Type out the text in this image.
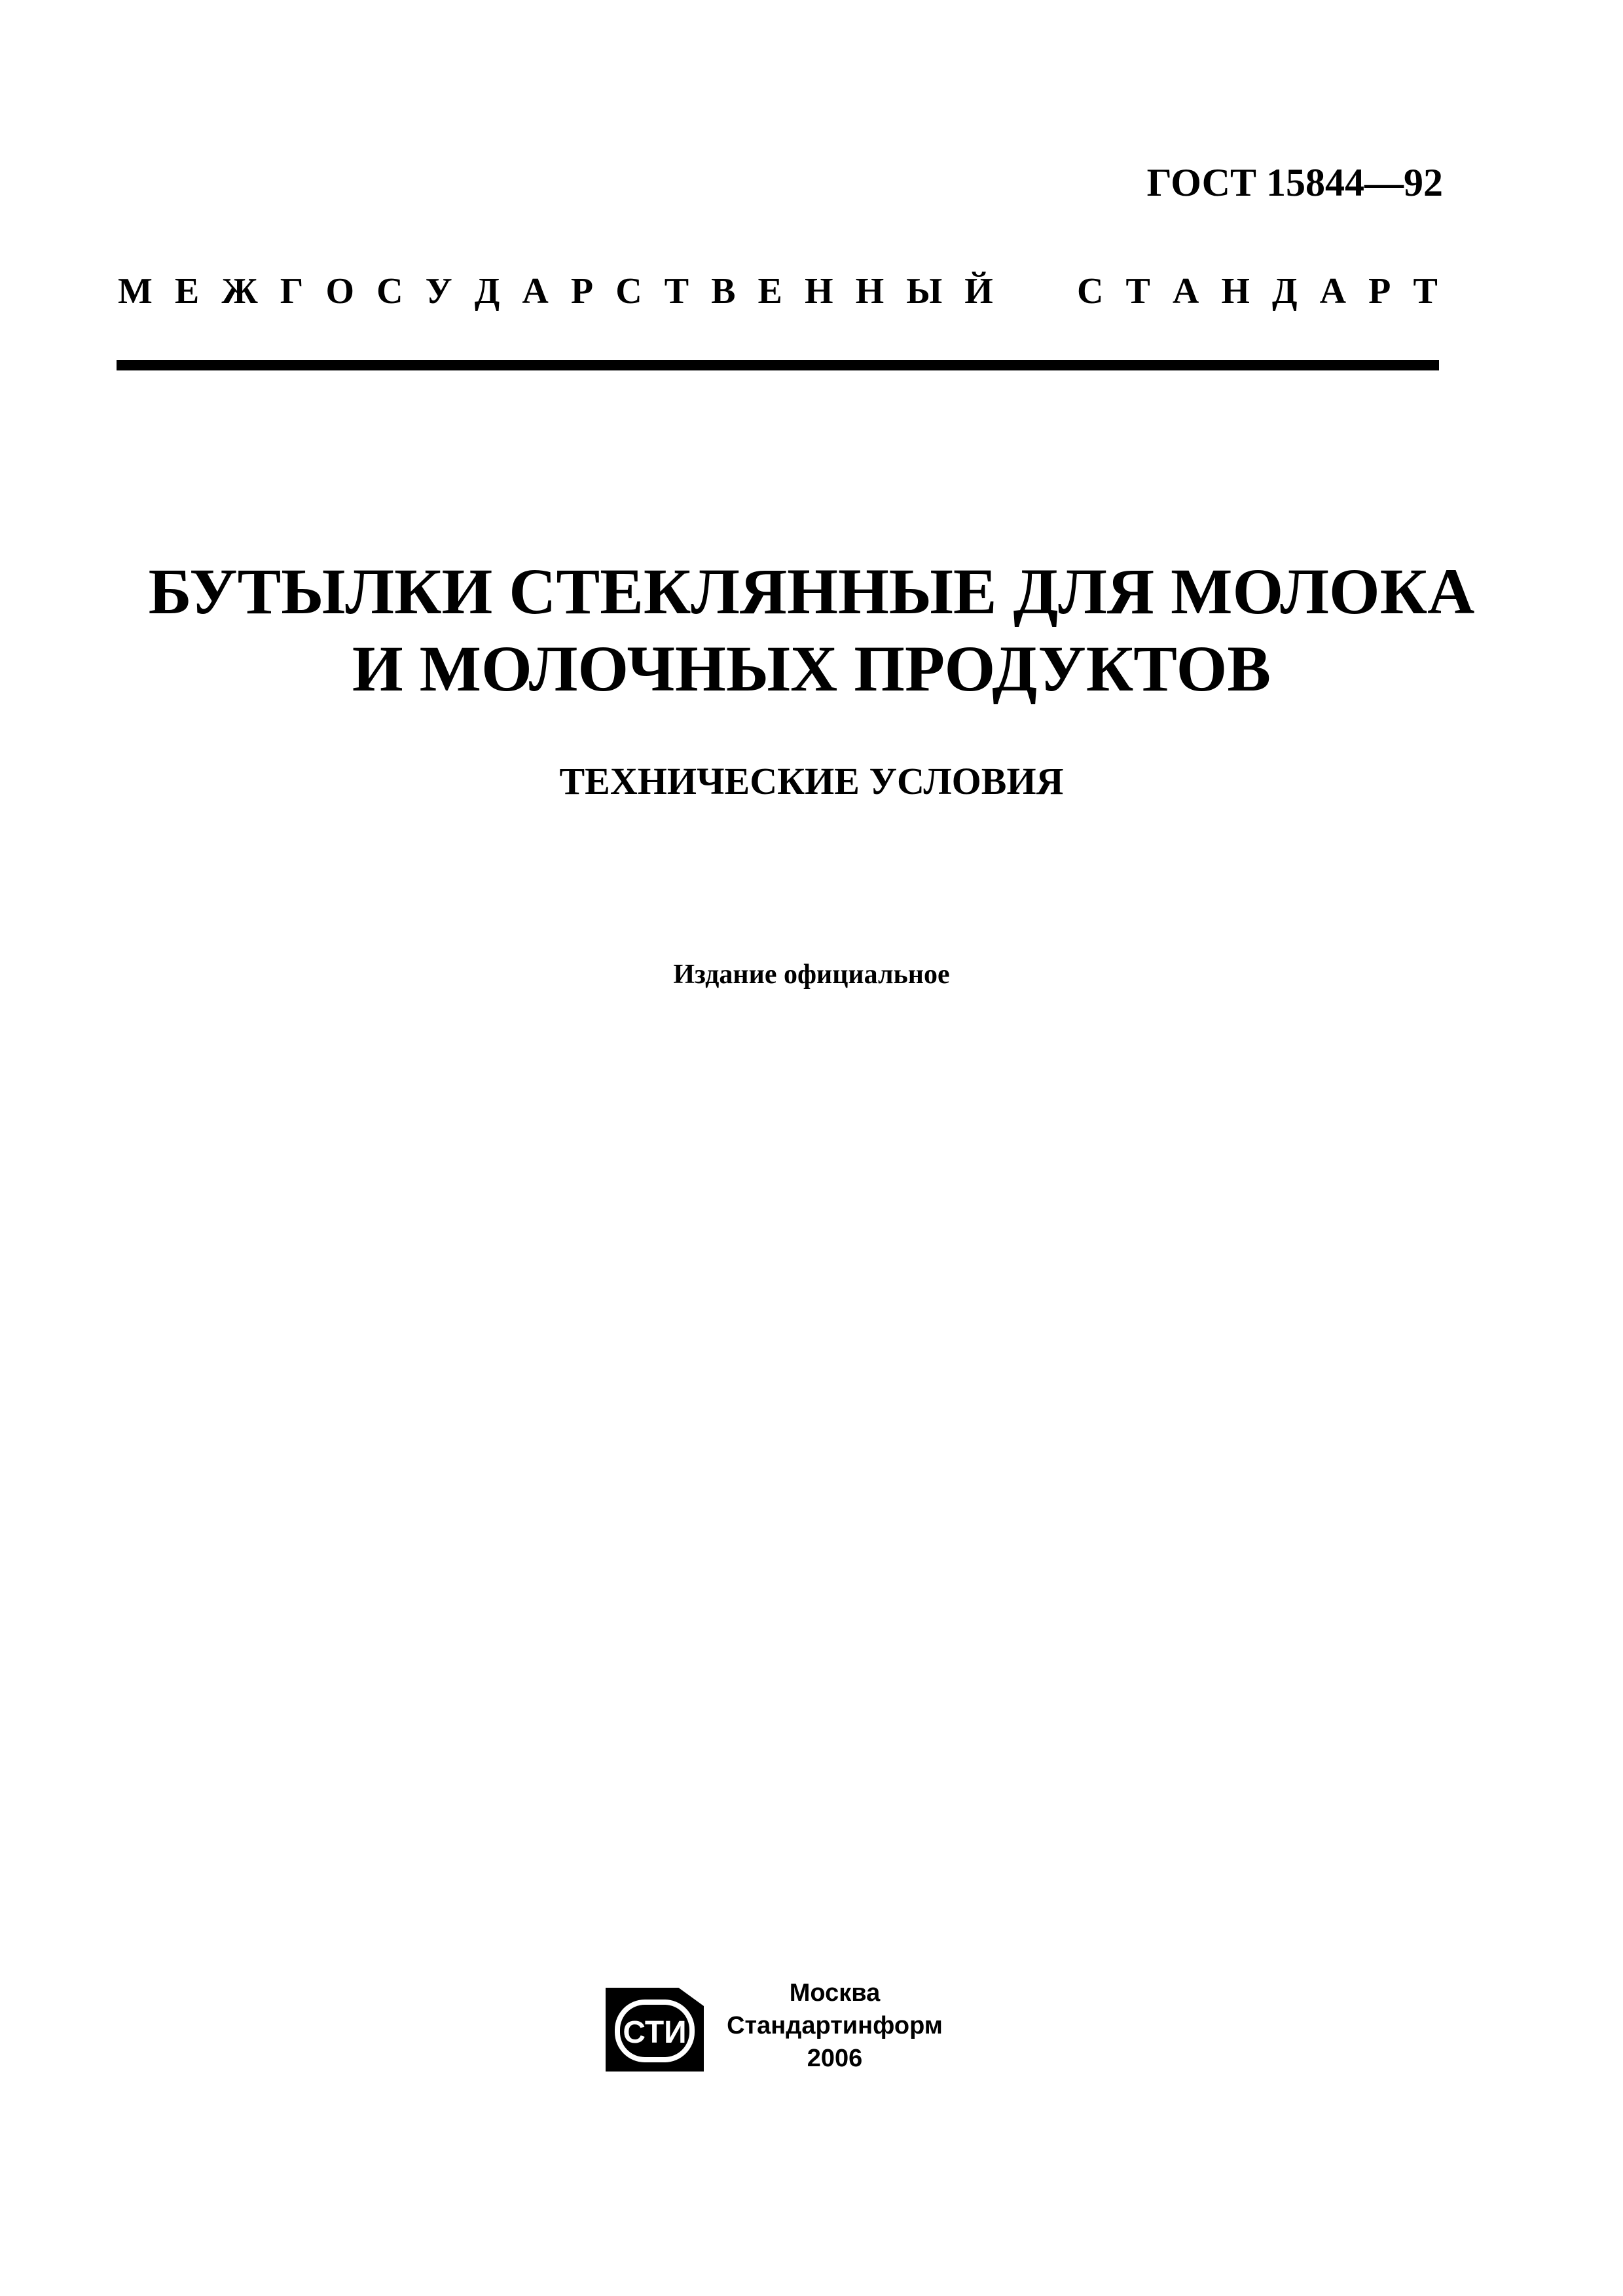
ГОСТ 15844—92
М Е Ж Г О С У Д А Р С Т В Е Н Н Ы Й С Т А Н Д А Р Т
БУТЫЛКИ СТЕКЛЯННЫЕ ДЛЯ МОЛОКА
И МОЛОЧНЫХ ПРОДУКТОВ
ТЕХНИЧЕСКИЕ УСЛОВИЯ
Издание официальное
СТИ
Москва
Стандартинформ
2006
